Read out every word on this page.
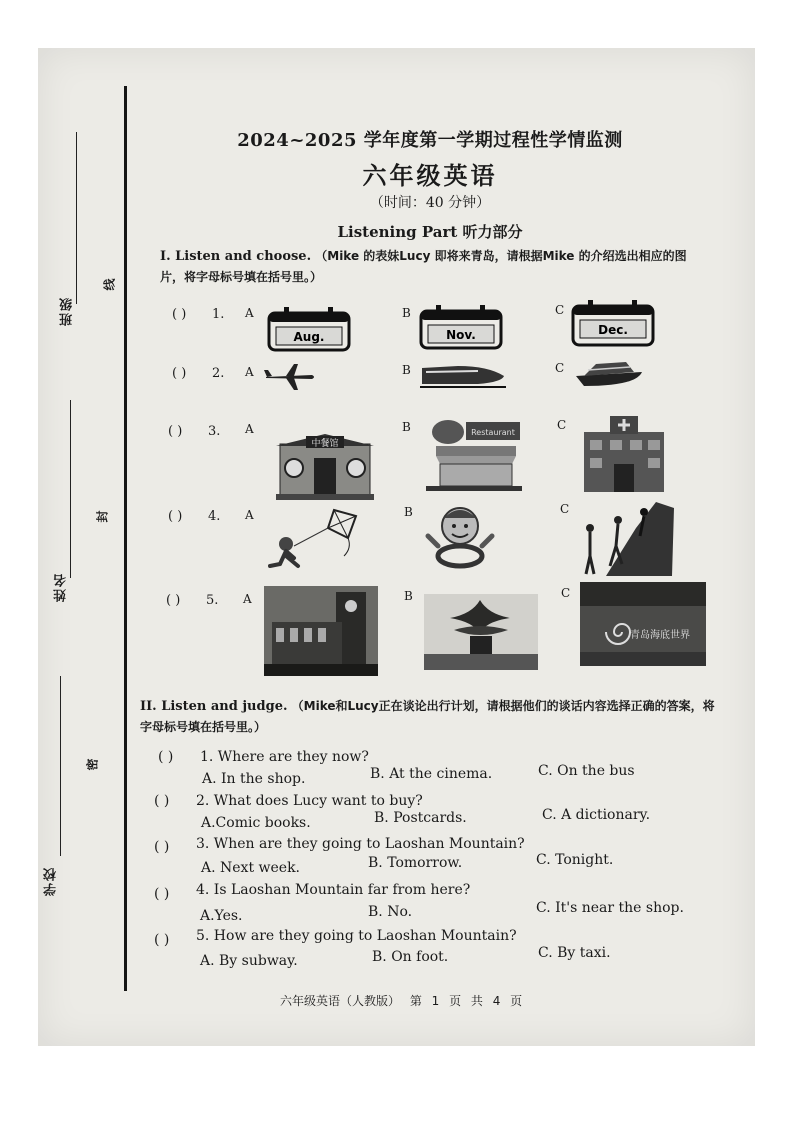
班级
线
姓名
封
学校
密
2024~2025 学年度第一学期过程性学情监测
六年级英语
（时间：40 分钟）
Listening Part 听力部分
I. Listen and choose. （Mike 的表妹Lucy 即将来青岛，请根据Mike 的介绍选出相应的图片，将字母标号填在括号里。）
( ) 1. A	B	C
( ) 2. A	B	C
( ) 3. A	B	C
( ) 4. A	B	C
( ) 5. A	B	C
Aug.	Nov.	Dec.
中餐馆
Restaurant
青岛海底世界
II. Listen and judge. （Mike和Lucy正在谈论出行计划，请根据他们的谈话内容选择正确的答案，将字母标号填在括号里。）
( ) 1. Where are they now?
A. In the shop.	B. At the cinema.	C. On the bus
( ) 2. What does Lucy want to buy?
A.Comic books.	B. Postcards.	C. A dictionary.
( ) 3. When are they going to Laoshan Mountain?
A. Next week.	B. Tomorrow.	C. Tonight.
( ) 4. Is Laoshan Mountain far from here?
A.Yes.	B. No.	C. It's near the shop.
( ) 5. How are they going to Laoshan Mountain?
A. By subway.	B. On foot.	C. By taxi.
六年级英语（人教版） 第 1 页 共 4 页
